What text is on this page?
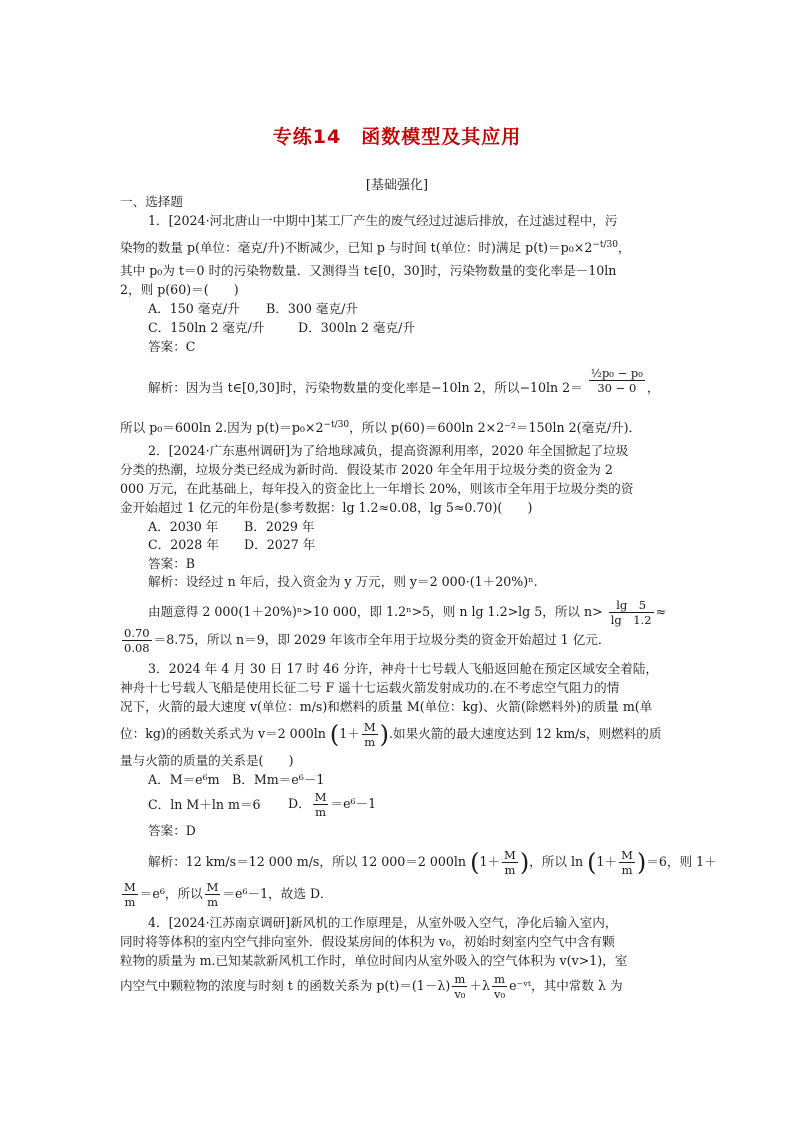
专练14　函数模型及其应用
[基础强化]
一、选择题
1．[2024·河北唐山一中期中]某工厂产生的废气经过过滤后排放，在过滤过程中，污
染物的数量 p(单位：毫克/升)不断减少，已知 p 与时间 t(单位：时)满足 $p(t)=p_0\times 2^{-t/30}$，
其中 p₀为 t＝0 时的污染物数量．又测得当 t∈[0，30]时，污染物数量的变化率是－10ln
2，则 p(60)＝(　　)
A．150 毫克/升 B．300 毫克/升
C．150ln 2 毫克/升	D．300ln 2 毫克/升
答案：C
解析：因为当 t∈[0,30]时，污染物数量的变化率是−10ln 2，所以−10ln $2= \frac{\text{½p₀ − p₀}}{30 - 0}$ ，
所以 p₀＝600ln 2.因为 $p(t)=p_0\times 2^{-t/30}$，所以 p(60)＝600ln 2×2⁻²＝150ln 2(毫克/升)．
2．[2024·广东惠州调研]为了给地球减负，提高资源利用率，2020 年全国掀起了垃圾
分类的热潮，垃圾分类已经成为新时尚．假设某市 2020 年全年用于垃圾分类的资金为 2
000 万元，在此基础上，每年投入的资金比上一年增长 20%，则该市全年用于垃圾分类的资
金开始超过 1 亿元的年份是(参考数据：lg 1.2≈0.08，lg 5≈0.70)(　　)
A．2030 年 B．2029 年
C．2028 年 D．2027 年
答案：B
解析：设经过 n 年后，投入资金为 y 万元，则 y＝2 000·(1＋20%)ⁿ.
由题意得 2 000(1＋20%)ⁿ>10 000，即 1.2ⁿ>5，则 n lg 1.2>lg 5，所以 $n> \frac{\lg 5}{\lg 1.2}$ ≈
$\frac{0.70}{0.08} =8.75$，所以 n＝9，即 2029 年该市全年用于垃圾分类的资金开始超过 1 亿元．
3．2024 年 4 月 30 日 17 时 46 分许，神舟十七号载人飞船返回舱在预定区域安全着陆，
神舟十七号载人飞船是使用长征二号 F 遥十七运载火箭发射成功的.在不考虑空气阻力的情
况下，火箭的最大速度 v(单位：m/s)和燃料的质量 M(单位：kg)、火箭(除燃料外)的质量 m(单
位：kg)的函数关系式为 v＝2 000ln ($1+ \frac{M}{m}$ ).如果火箭的最大速度达到 12 km/s，则燃料的质
量与火箭的质量的关系是(　　)
A．M＝e⁶m B．Mm＝e⁶－1
C．ln M＋ln m＝6 D． $\frac{M}{m} =e^6-1$
答案：D
解析：12 km/s＝12 000 m/s，所以 12 000＝2 000ln ($1+ \frac{M}{m}$ )，所以 $\ln (1+ \frac{M}{m} )=6$，则 1＋
$\frac{M}{m} =e^6$，所以 $\frac{M}{m} =e^6-1$，故选 D．
4．[2024·江苏南京调研]新风机的工作原理是，从室外吸入空气，净化后输入室内，
同时将等体积的室内空气排向室外．假设某房间的体积为 v₀，初始时刻室内空气中含有颗
粒物的质量为 m.已知某款新风机工作时，单位时间内从室外吸入的空气体积为 v(v>1)，室
内空气中颗粒物的浓度与时刻 t 的函数关系为 $p(t)=(1-\lambda) \frac{m}{\text{v₀}} +\lambda \frac{m}{\text{v₀}}$ e⁻ᵛᵗ，其中常数 λ 为
